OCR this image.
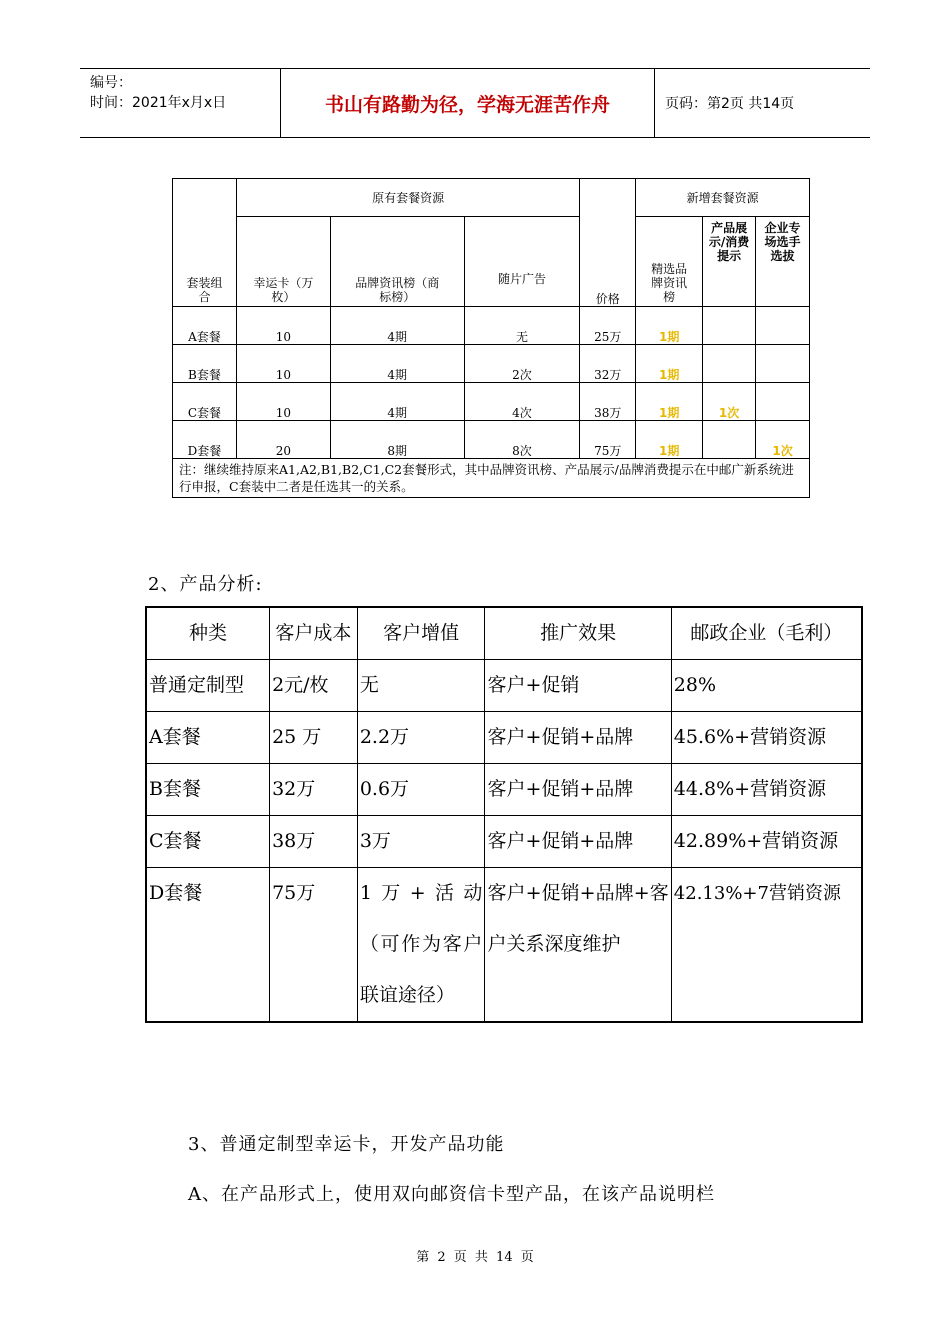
编号：
时间：2021年x月x日	书山有路勤为径，学海无涯苦作舟	页码：第2页 共14页
套装组合	原有套餐资源			价格	新增套餐资源		
	幸运卡（万枚）	品牌资讯榜（商标榜）	随片广告		精选品牌资讯榜	产品展示/消费提示	企业专场选手选拔
A套餐	10	4期	无	25万	1期		
B套餐	10	4期	2次	32万	1期		
C套餐	10	4期	4次	38万	1期	1次	
D套餐	20	8期	8次	75万	1期		1次
注：继续维持原来A1,A2,B1,B2,C1,C2套餐形式，其中品牌资讯榜、产品展示/品牌消费提示在中邮广新系统进行申报，C套装中二者是任选其一的关系。							
2、产品分析:
种类	客户成本	客户增值	推广效果	邮政企业（毛利）
普通定制型	2元/枚	无	客户+促销	28%
A套餐	25 万	2.2万	客户+促销+品牌	45.6%+营销资源
B套餐	32万	0.6万	客户+促销+品牌	44.8%+营销资源
C套餐	38万	3万	客户+促销+品牌	42.89%+营销资源
D套餐	75万	1万+活动（可作为客户联谊途径）	客户+促销+品牌+客户关系深度维护	42.13%+7营销资源
3、普通定制型幸运卡，开发产品功能
A、在产品形式上，使用双向邮资信卡型产品，在该产品说明栏
第 2 页 共 14 页
